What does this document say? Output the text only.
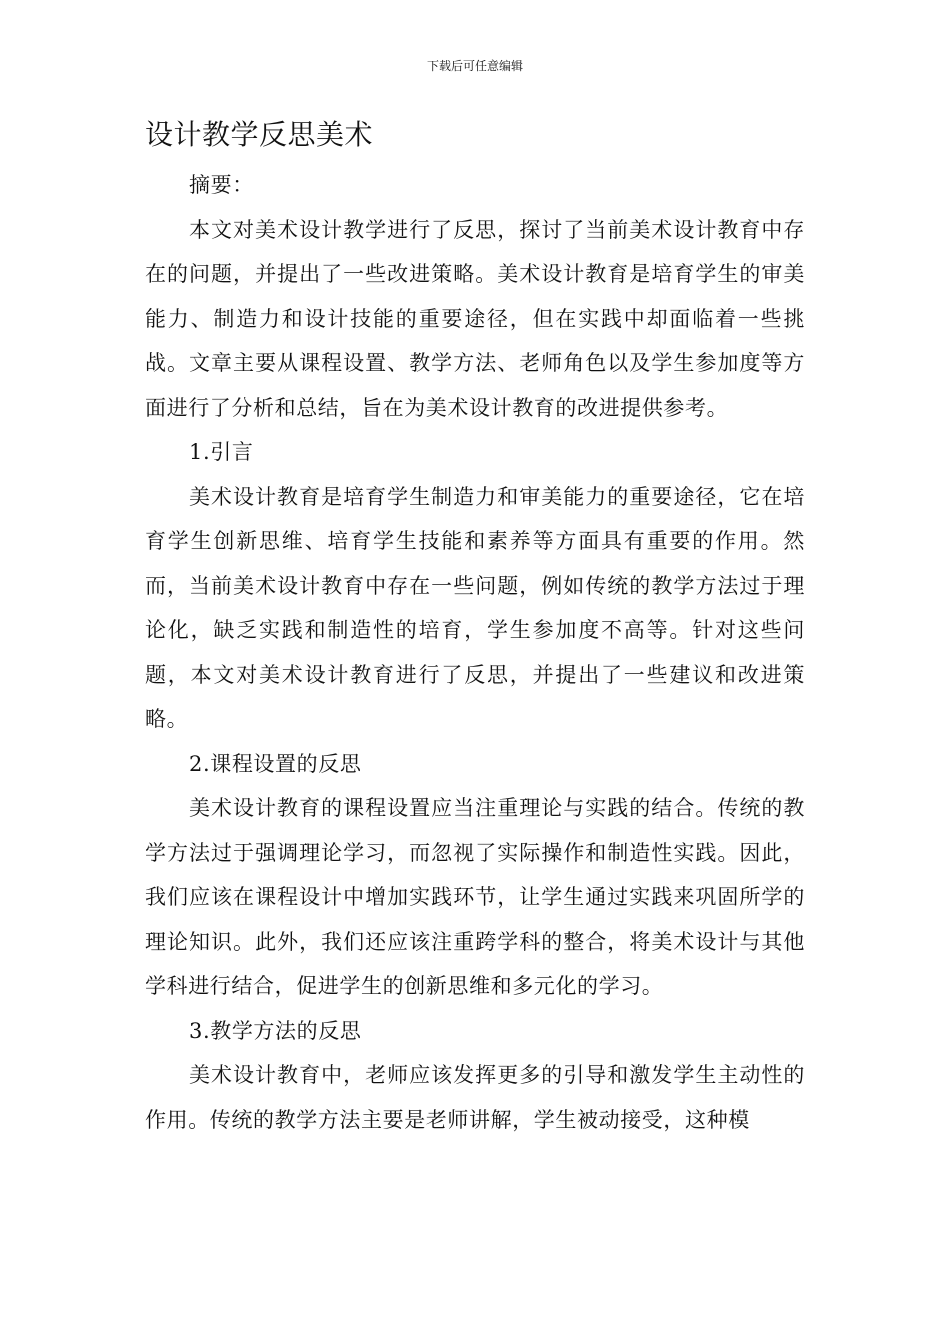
下载后可任意编辑
设计教学反思美术

摘要：

本文对美术设计教学进行了反思，探讨了当前美术设计教育中存在的问题，并提出了一些改进策略。美术设计教育是培育学生的审美能力、制造力和设计技能的重要途径，但在实践中却面临着一些挑战。文章主要从课程设置、教学方法、老师角色以及学生参加度等方面进行了分析和总结，旨在为美术设计教育的改进提供参考。

1.引言

美术设计教育是培育学生制造力和审美能力的重要途径，它在培育学生创新思维、培育学生技能和素养等方面具有重要的作用。然而，当前美术设计教育中存在一些问题，例如传统的教学方法过于理论化，缺乏实践和制造性的培育，学生参加度不高等。针对这些问题，本文对美术设计教育进行了反思，并提出了一些建议和改进策略。

2.课程设置的反思

美术设计教育的课程设置应当注重理论与实践的结合。传统的教学方法过于强调理论学习，而忽视了实际操作和制造性实践。因此，我们应该在课程设计中增加实践环节，让学生通过实践来巩固所学的理论知识。此外，我们还应该注重跨学科的整合，将美术设计与其他学科进行结合，促进学生的创新思维和多元化的学习。

3.教学方法的反思

美术设计教育中，老师应该发挥更多的引导和激发学生主动性的作用。传统的教学方法主要是老师讲解，学生被动接受，这种模
